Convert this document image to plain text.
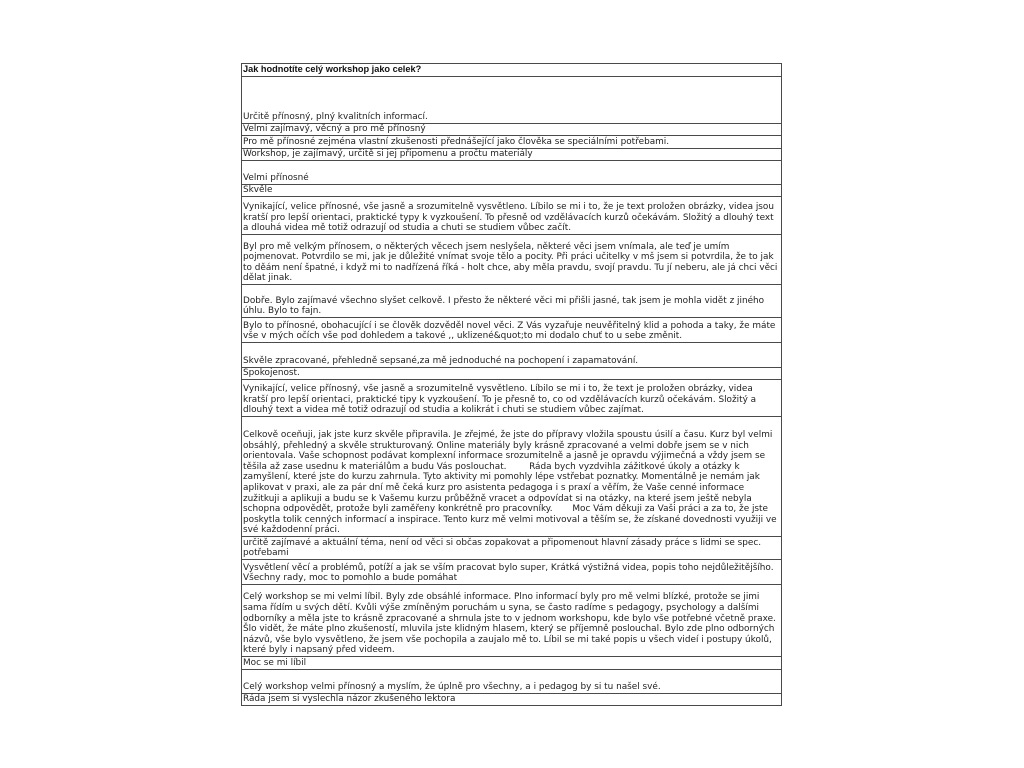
Jak hodnotíte celý workshop jako celek?
Určitě přínosný, plný kvalitních informací.
Velmi zajímavý, věcný a pro mě přínosný
Pro mě přínosné zejména vlastní zkušenosti přednášející jako člověka se speciálními potřebami.
Workshop, je zajímavý, určitě si jej připomenu a pročtu materiály
Velmi přínosné
Skvěle
Vynikající, velice přínosné, vše jasně a srozumitelně vysvětleno. Líbilo se mi i to, že je text proložen obrázky, videa jsou kratší pro lepší orientaci, praktické typy k vyzkoušení. To přesně od vzdělávacích kurzů očekávám. Složitý a dlouhý text a dlouhá videa mě totiž odrazují od studia a chuti se studiem vůbec začít.
Byl pro mě velkým přínosem, o některých věcech jsem neslyšela, některé věci jsem vnímala, ale teď je umím pojmenovat. Potvrdilo se mi, jak je důležité vnímat svoje tělo a pocity. Při práci učitelky v mš jsem si potvrdila, že to jak to děám není špatné, i když mi to nadřízená říká - holt chce, aby měla pravdu, svojí pravdu. Tu jí neberu, ale já chci věci dělat jinak.
Dobře. Bylo zajímavé všechno slyšet celkově. I přesto že některé věci mi přišli jasné, tak jsem je mohla vidět z jiného úhlu. Bylo to fajn.
Bylo to přínosné, obohacující i se člověk dozvěděl novel věci. Z Vás vyzařuje neuvěřitelný klid a pohoda a taky, že máte vše v mých očích vše pod dohledem a takové ,, uklizené&quot;to mi dodalo chuť to u sebe změnit.
Skvěle zpracované, přehledně sepsané,za mě jednoduché na pochopení i zapamatování.
Spokojenost.
Vynikající, velice přínosný, vše jasně a srozumitelně vysvětleno. Líbilo se mi i to, že text je proložen obrázky, videa kratší pro lepší orientaci, praktické tipy k vyzkoušení. To je přesně to, co od vzdělávacích kurzů očekávám. Složitý a dlouhý text a videa mě totiž odrazují od studia a kolikrát i chuti se studiem vůbec zajímat.
Celkově oceňuji, jak jste kurz skvěle připravila. Je zřejmé, že jste do přípravy vložila spoustu úsilí a času. Kurz byl velmi obsáhlý, přehledný a skvěle strukturovaný. Online materiály byly krásně zpracované a velmi dobře jsem se v nich orientovala. Vaše schopnost podávat komplexní informace srozumitelně a jasně je opravdu výjimečná a vždy jsem se těšila až zase usednu k materiálům a budu Vás poslouchat.        Ráda bych vyzdvihla zážitkové úkoly a otázky k zamyšlení, které jste do kurzu zahrnula. Tyto aktivity mi pomohly lépe vstřebat poznatky. Momentálně je nemám jak aplikovat v praxi, ale za pár dní mě čeká kurz pro asistenta pedagoga i s praxí a věřím, že Vaše cenné informace zužitkuji a aplikuji a budu se k Vašemu kurzu průběžně vracet a odpovídat si na otázky, na které jsem ještě nebyla schopna odpovědět, protože byli zaměřeny konkrétně pro pracovníky.       Moc Vám děkuji za Vaši práci a za to, že jste poskytla tolik cenných informací a inspirace. Tento kurz mě velmi motivoval a těším se, že získané dovednosti využiji ve své každodenní práci.
určitě zajímavé a aktuální téma, není od věci si občas zopakovat a připomenout hlavní zásady práce s lidmi se spec. potřebami
Vysvětlení věcí a problémů, potíží a jak se vším pracovat bylo super, Krátká výstižná videa, popis toho nejdůležitějšího. Všechny rady, moc to pomohlo a bude pomáhat
Celý workshop se mi velmi líbil. Byly zde obsáhlé informace. Plno informací byly pro mě velmi blízké, protože se jimi sama řídím u svých dětí. Kvůli výše zmíněným poruchám u syna, se často radíme s pedagogy, psychology a dalšími odborníky a měla jste to krásně zpracované a shrnula jste to v jednom workshopu, kde bylo vše potřebné včetně praxe. Šlo vidět, že máte plno zkušeností, mluvila jste klidným hlasem, který se příjemně poslouchal. Bylo zde plno odborných názvů, vše bylo vysvětleno, že jsem vše pochopila a zaujalo mě to. Líbil se mi také popis u všech videí i postupy úkolů, které byly i napsaný před videem.
Moc se mi líbil
Celý workshop velmi přínosný a myslím, že úplně pro všechny, a i pedagog by si tu našel své.
Ráda jsem si vyslechla názor zkušeného lektora
